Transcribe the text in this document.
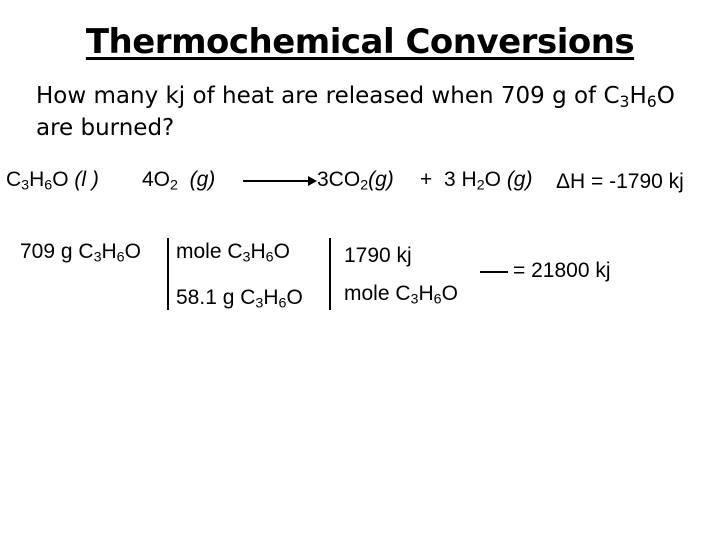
Thermochemical Conversions
How many kj of heat are released when 709 g of $C_3H_6O$
are burned?
$C_3H_6O$ (l ) $4O_2$ (g)	$3CO_2(g) + 3$ $H_2O$ (g) ΔH = -1790 kj
709 g $C_3H_6O$ mole $C_3H_6O$
58.1 g $C_3H_6O$
1790 kj
mole $C_3H_6O$
= 21800 kj
